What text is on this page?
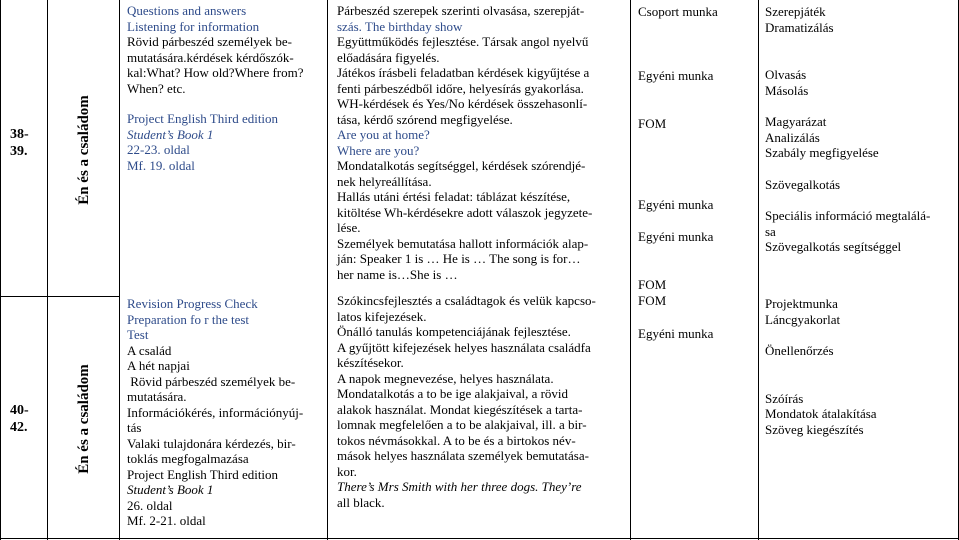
38-
39.	Én és a családom
Questions and answers
Listening for information
Rövid párbeszéd személyek be-
mutatására.kérdések kérdőszók-
kal:What? How old?Where from?
When? etc.
Project English Third edition
Student’s Book 1
22-23. oldal
Mf. 19. oldal
Párbeszéd szerepek szerinti olvasása, szerepját-
szás. The birthday show
Együttműködés fejlesztése. Társak angol nyelvű
előadására figyelés.
Játékos írásbeli feladatban kérdések kigyűjtése a
fenti párbeszédből időre, helyesírás gyakorlása.
WH-kérdések és Yes/No kérdések összehasonlí-
tása, kérdő szórend megfigyelése.
Are you at home?
Where are you?
Mondatalkotás segítséggel, kérdések szórendjé-
nek helyreállítása.
Hallás utáni értési feladat: táblázat készítése,
kitöltése Wh-kérdésekre adott válaszok jegyzete-
lése.
Személyek bemutatása hallott információk alap-
ján: Speaker 1 is … He is … The song is for…
her name is…She is …
Csoport munka
Egyéni munka
FOM
Egyéni munka
Egyéni munka
FOM
Szerepjáték
Dramatizálás
Olvasás
Másolás
Magyarázat
Analizálás
Szabály megfigyelése
Szövegalkotás
Speciális információ megtalálá-
sa
Szövegalkotás segítséggel
40-
42.	Én és a családom
Revision Progress Check
Preparation fo r the test
Test
A család
A hét napjai
Rövid párbeszéd személyek be-
mutatására.
Információkérés, információnyúj-
tás
Valaki tulajdonára kérdezés, bir-
toklás megfogalmazása
Project English Third edition
Student’s Book 1
26. oldal
Mf. 2-21. oldal
Szókincsfejlesztés a családtagok és velük kapcso-
latos kifejezések.
Önálló tanulás kompetenciájának fejlesztése.
A gyűjtött kifejezések helyes használata családfa
készítésekor.
A napok megnevezése, helyes használata.
Mondatalkotás a to be ige alakjaival, a rövid
alakok használat. Mondat kiegészítések a tarta-
lomnak megfelelően a to be alakjaival, ill. a bir-
tokos névmásokkal. A to be és a birtokos név-
mások helyes használata személyek bemutatása-
kor.
There’s Mrs Smith with her three dogs. They’re
all black.
FOM
Egyéni munka
Projektmunka
Láncgyakorlat
Önellenőrzés
Szóírás
Mondatok átalakítása
Szöveg kiegészítés
